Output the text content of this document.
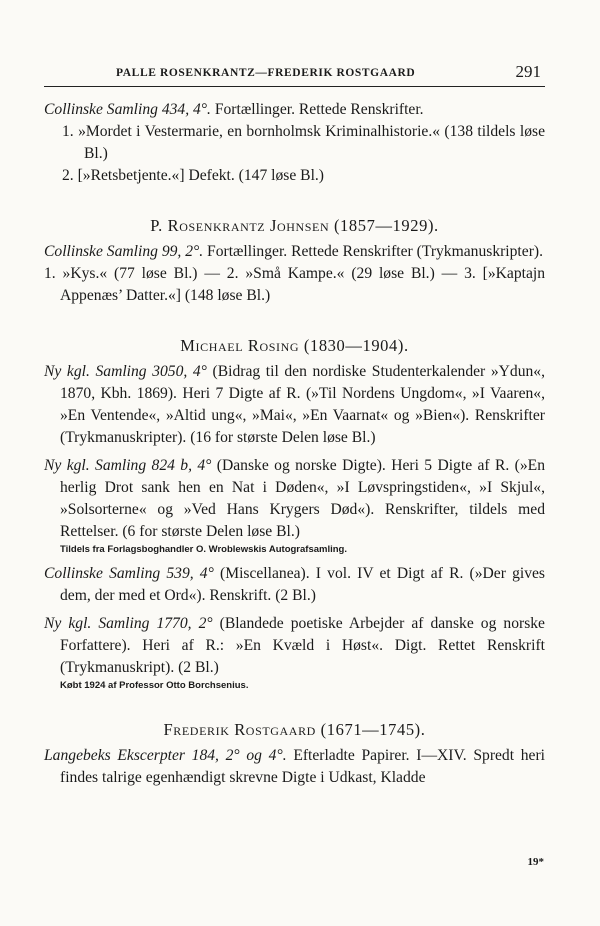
PALLE ROSENKRANTZ—FREDERIK ROSTGAARD	291
Collinske Samling 434, 4°. Fortællinger. Rettede Renskrifter.
1. »Mordet i Vestermarie, en bornholmsk Kriminalhistorie.« (138 tildels løse Bl.)
2. [»Retsbetjente.«] Defekt. (147 løse Bl.)
P. Rosenkrantz Johnsen (1857—1929).
Collinske Samling 99, 2°. Fortællinger. Rettede Renskrifter (Trykmanuskripter).
1. »Kys.« (77 løse Bl.) — 2. »Små Kampe.« (29 løse Bl.) — 3. [»Kaptajn Appenæs’ Datter.«] (148 løse Bl.)
Michael Rosing (1830—1904).
Ny kgl. Samling 3050, 4° (Bidrag til den nordiske Studenterkalender »Ydun«, 1870, Kbh. 1869). Heri 7 Digte af R. (»Til Nordens Ungdom«, »I Vaaren«, »En Ventende«, »Altid ung«, »Mai«, »En Vaarnat« og »Bien«). Renskrifter (Trykmanuskripter). (16 for største Delen løse Bl.)
Ny kgl. Samling 824 b, 4° (Danske og norske Digte). Heri 5 Digte af R. (»En herlig Drot sank hen en Nat i Døden«, »I Løvspringstiden«, »I Skjul«, »Solsorterne« og »Ved Hans Krygers Død«). Renskrifter, tildels med Rettelser. (6 for største Delen løse Bl.)
Tildels fra Forlagsboghandler O. Wroblewskis Autografsamling.
Collinske Samling 539, 4° (Miscellanea). I vol. IV et Digt af R. (»Der gives dem, der med et Ord«). Renskrift. (2 Bl.)
Ny kgl. Samling 1770, 2° (Blandede poetiske Arbejder af danske og norske Forfattere). Heri af R.: »En Kvæld i Høst«. Digt. Rettet Renskrift (Trykmanuskript). (2 Bl.)
Købt 1924 af Professor Otto Borchsenius.
Frederik Rostgaard (1671—1745).
Langebeks Ekscerpter 184, 2° og 4°. Efterladte Papirer. I—XIV. Spredt heri findes talrige egenhændigt skrevne Digte i Udkast, Kladde
19*
